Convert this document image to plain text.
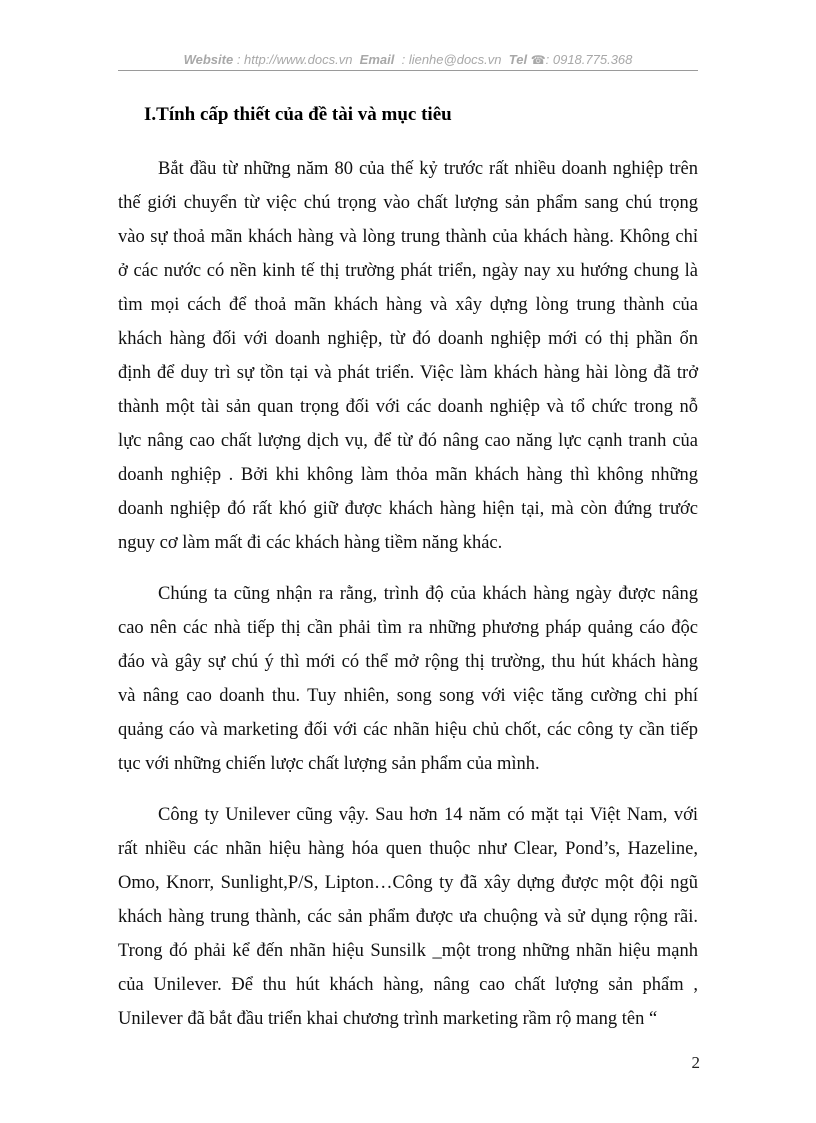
Website : http://www.docs.vn Email : lienhe@docs.vn Tel ☎: 0918.775.368
I.Tính cấp thiết của đề tài và mục tiêu
Bắt đầu từ những năm 80 của thế kỷ trước rất nhiều doanh nghiệp trên
thế giới chuyển từ việc chú trọng vào chất lượng sản phẩm sang chú trọng
vào sự thoả mãn khách hàng và lòng trung thành của khách hàng. Không chỉ
ở các nước có nền kinh tế thị trường phát triển, ngày nay xu hướng chung là
tìm mọi cách để thoả mãn khách hàng và xây dựng lòng trung thành của
khách hàng đối với doanh nghiệp, từ đó doanh nghiệp mới có thị phần ổn
định để duy trì sự tồn tại và phát triển. Việc làm khách hàng hài lòng đã trở
thành một tài sản quan trọng đối với các doanh nghiệp và tổ chức trong nỗ
lực nâng cao chất lượng dịch vụ, để từ đó nâng cao năng lực cạnh tranh của
doanh nghiệp . Bởi khi không làm thỏa mãn khách hàng thì không những
doanh nghiệp đó rất khó giữ được khách hàng hiện tại, mà còn đứng trước
nguy cơ làm mất đi các khách hàng tiềm năng khác.
Chúng ta cũng nhận ra rằng, trình độ của khách hàng ngày được nâng
cao nên các nhà tiếp thị cần phải tìm ra những phương pháp quảng cáo độc
đáo và gây sự chú ý thì mới có thể mở rộng thị trường, thu hút khách hàng
và nâng cao doanh thu. Tuy nhiên, song song với việc tăng cường chi phí
quảng cáo và marketing đối với các nhãn hiệu chủ chốt, các công ty cần tiếp
tục với những chiến lược chất lượng sản phẩm của mình.
Công ty Unilever cũng vậy. Sau hơn 14 năm có mặt tại Việt Nam, với
rất nhiều các nhãn hiệu hàng hóa quen thuộc như Clear, Pond’s, Hazeline,
Omo, Knorr, Sunlight,P/S, Lipton…Công ty đã xây dựng được một đội ngũ
khách hàng trung thành, các sản phẩm được ưa chuộng và sử dụng rộng rãi.
Trong đó phải kể đến nhãn hiệu Sunsilk _một trong những nhãn hiệu mạnh
của Unilever. Để thu hút khách hàng, nâng cao chất lượng sản phẩm ,
Unilever đã bắt đầu triển khai chương trình marketing rầm rộ mang tên “
2
